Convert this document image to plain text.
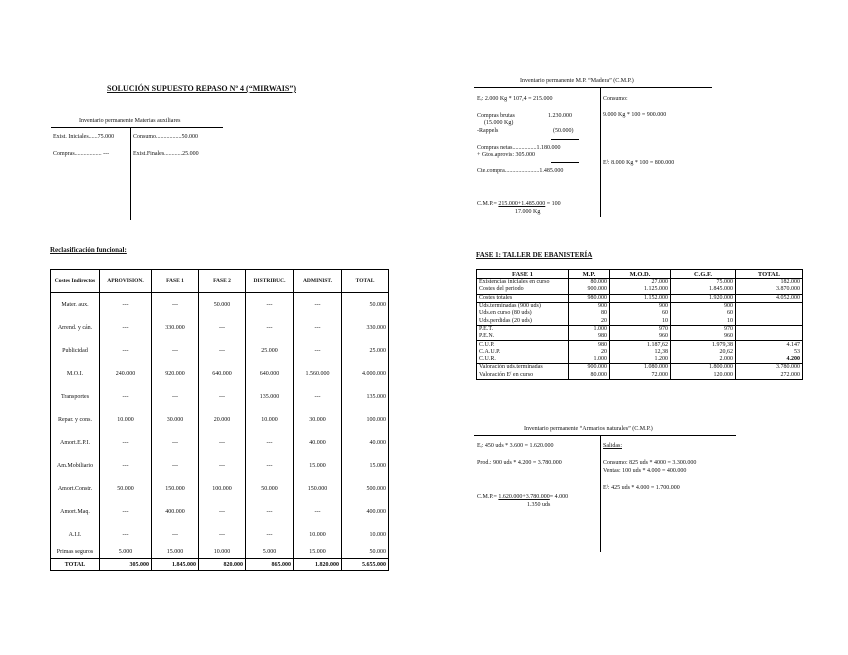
SOLUCIÓN SUPUESTO REPASO Nº 4 (“MIRWAIS”)
Inventario permanente Materias auxiliares
Exist. Iniciales......75.000
Compras.................. ---
Consumo.................50.000
Exist.Finales............25.000
Inventario permanente M.P. “Madera” (C.M.P.)
Eᵢ: 2.000 Kg * 107,4 = 215.000
Compras brutas	1.230.000
(15.000 Kg)
-Rappels	(50.000)
Compras netas................1.180.000
+ Gtos.aprovis: 305.000
Cte.compra.......................1.485.000
C.M.P.= 215.000+1.485.000 = 100
17.000 Kg
Consumo:
9.000 Kg * 100 = 900.000
Eᶠ: 8.000 Kg * 100 = 800.000
Reclasificación funcional:
Costes Indirectos	APROVISION.	FASE 1	FASE 2	DISTRIBUC.	ADMINIST.	TOTAL
Mater. aux.	---	---	50.000	---	---	50.000
Arrend. y cán.	---	330.000	---	---	---	330.000
Publicidad	---	---	---	25.000	---	25.000
M.O.I.	240.000	920.000	640.000	640.000	1.560.000	4.000.000
Transportes	---	---	---	135.000	---	135.000
Repar. y cons.	10.000	30.000	20.000	10.000	30.000	100.000
Amort.E.P.I.	---	---	---	---	40.000	40.000
Am.Mobiliario	---	---	---	---	15.000	15.000
Amort.Constr.	50.000	150.000	100.000	50.000	150.000	500.000
Amort.Maq.	---	400.000	---	---	---	400.000
A.I.I.	---	---	---	---	10.000	10.000
Primas seguros	5.000	15.000	10.000	5.000	15.000	50.000
TOTAL	305.000	1.845.000	820.000	865.000	1.820.000	5.655.000
FASE 1: TALLER DE EBANISTERÍA
FASE 1	M.P.	M.O.D.	C.G.F.	TOTAL
Existencias iniciales en curso	80.000	27.000	75.000	182.000
Costes del periodo	900.000	1.125.000	1.845.000	3.870.000
Costes totales	980.000	1.152.000	1.920.000	4.052.000
Uds.terminadas (900 uds)	900	900	900	
Uds.en curso (80 uds)	80	60	60	
Uds.perdidas (20 uds)	20	10	10	
P.E.T.	1.000	970	970	
P.E.N.	980	960	960	
C.U.P.	980	1.187,62	1.979,38	4.147
C.A.U.P.	20	12,38	20,62	53
C.U.R.	1.000	1.200	2.000	4.200
Valoración uds.terminadas	900.000	1.080.000	1.800.000	3.780.000
Valoración Eᶠ en curso	80.000	72.000	120.000	272.000
Inventario permanente “Armarios naturales” (C.M.P.)
Eᵢ: 450 uds * 3.600 = 1.620.000
Prod.: 900 uds * 4.200 = 3.780.000
C.M.P.= 1.620.000+3.780.000= 4.000
1.350 uds
Salidas:
Consumo: 825 uds * 4000 = 3.300.000
Ventas: 100 uds * 4.000 = 400.000
Eᶠ: 425 uds * 4.000 = 1.700.000
